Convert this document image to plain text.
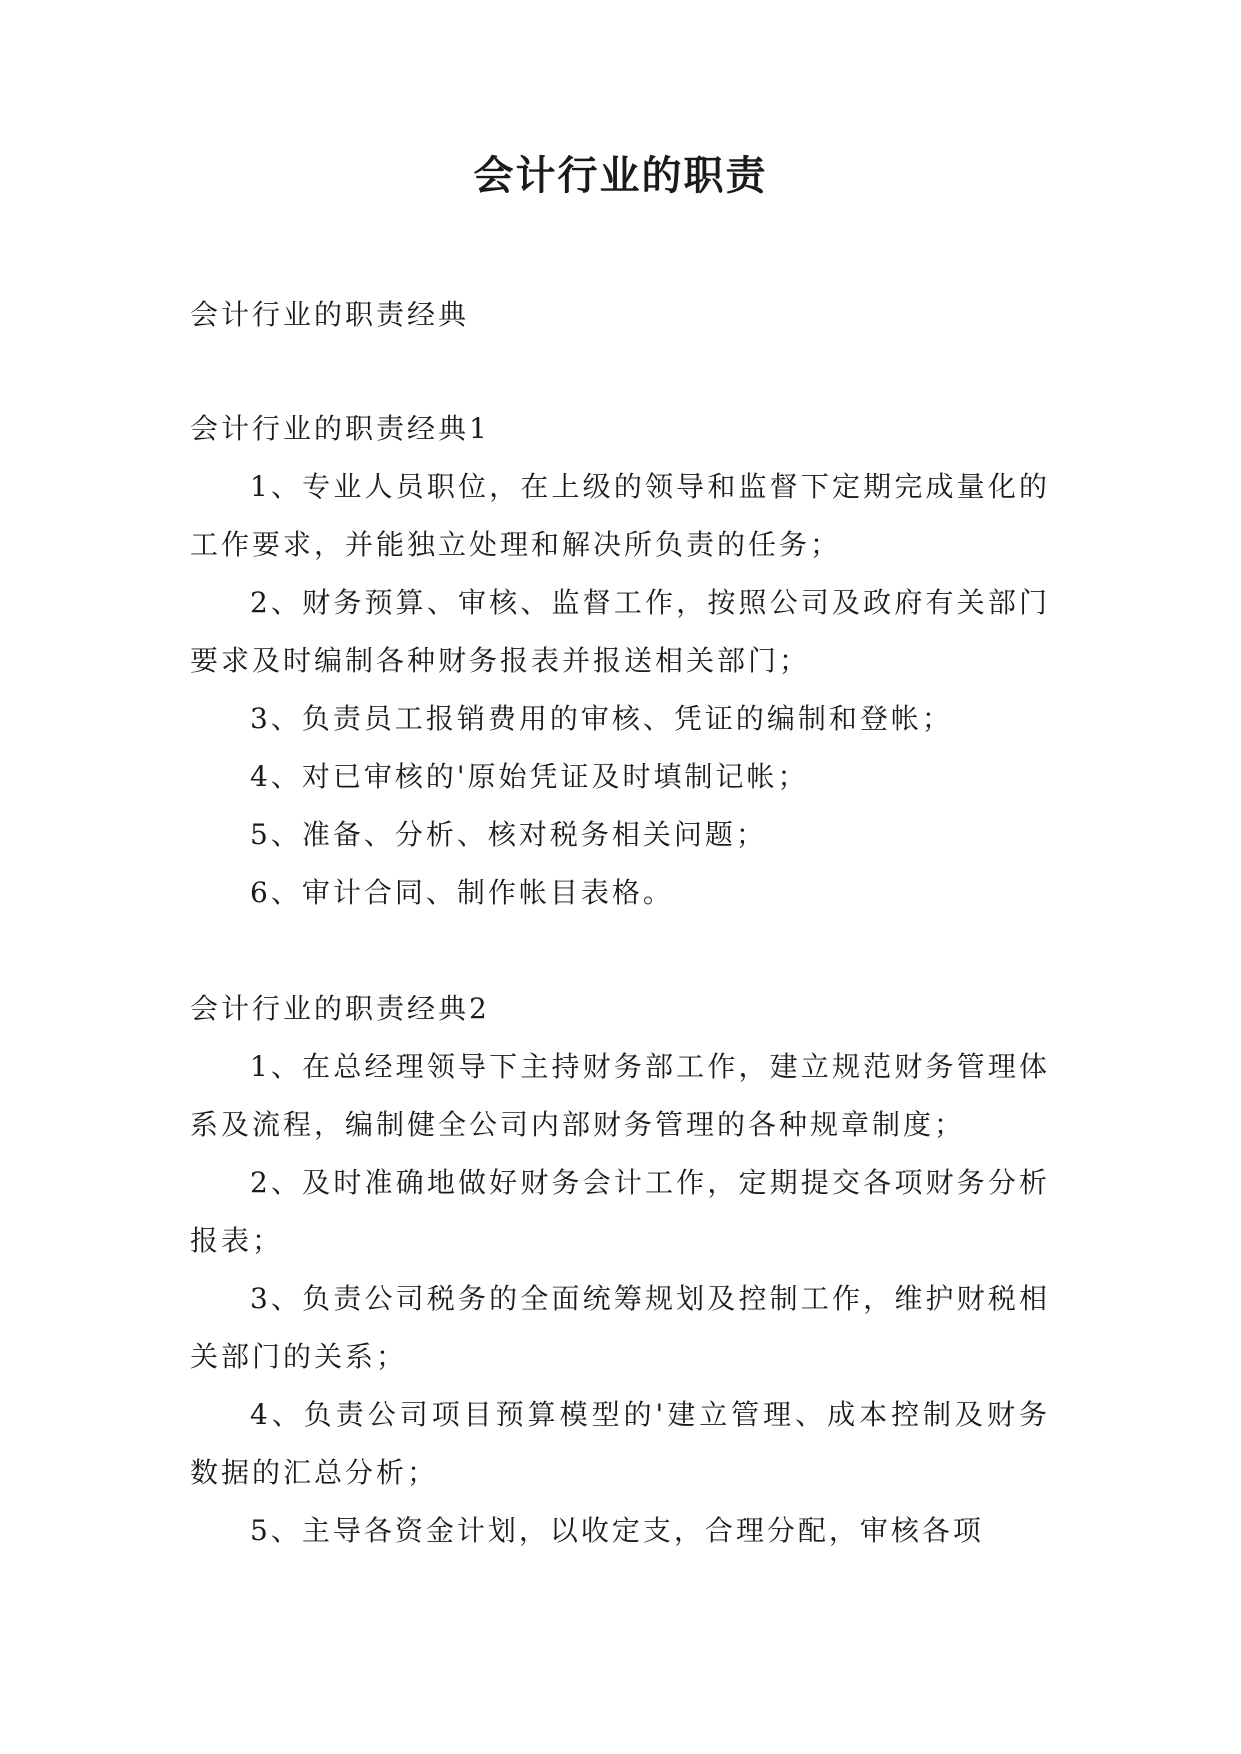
会计行业的职责
会计行业的职责经典
会计行业的职责经典1

1、专业人员职位，在上级的领导和监督下定期完成量化的工作要求，并能独立处理和解决所负责的任务；

2、财务预算、审核、监督工作，按照公司及政府有关部门要求及时编制各种财务报表并报送相关部门；

3、负责员工报销费用的审核、凭证的编制和登帐；

4、对已审核的'原始凭证及时填制记帐；

5、准备、分析、核对税务相关问题；

6、审计合同、制作帐目表格。

会计行业的职责经典2

1、在总经理领导下主持财务部工作，建立规范财务管理体系及流程，编制健全公司内部财务管理的各种规章制度；

2、及时准确地做好财务会计工作，定期提交各项财务分析报表；

3、负责公司税务的全面统筹规划及控制工作，维护财税相关部门的关系；

4、负责公司项目预算模型的'建立管理、成本控制及财务数据的汇总分析；

5、主导各资金计划，以收定支，合理分配，审核各项
